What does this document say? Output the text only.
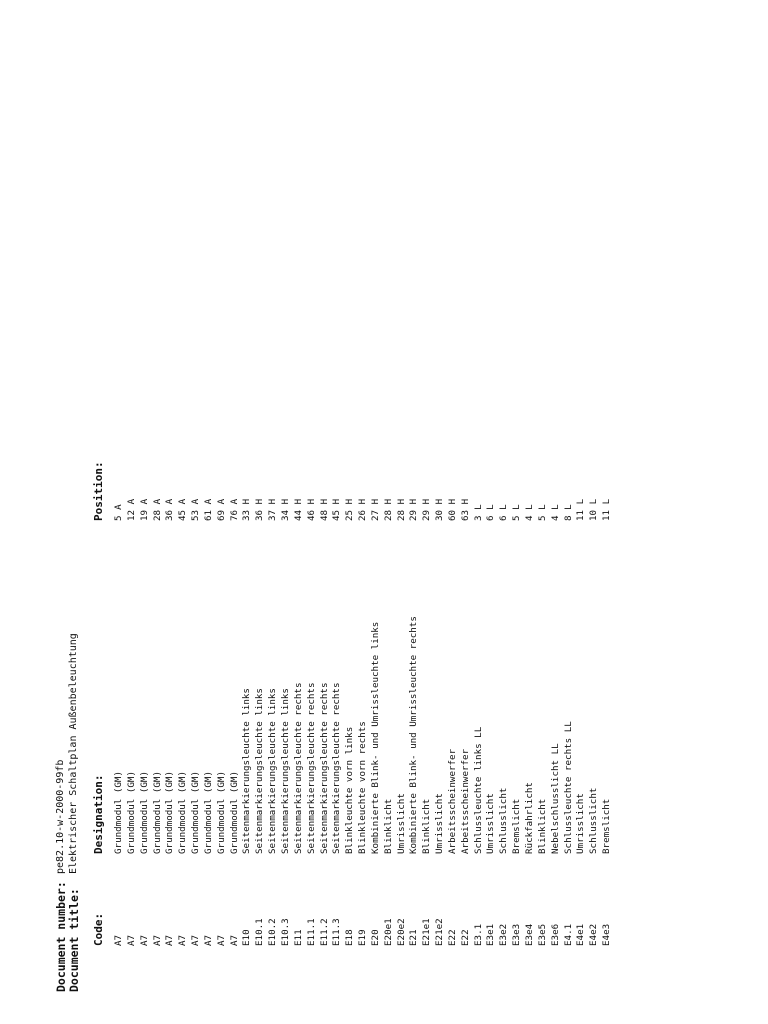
Document number:
pe82.10-w-2000-99fb
Document title:
Elektrischer Schaltplan Außenbeleuchtung
Code:
Designation:
Position:
A7
Grundmodul (GM)
5 A
A7
Grundmodul (GM)
12 A
A7
Grundmodul (GM)
19 A
A7
Grundmodul (GM)
28 A
A7
Grundmodul (GM)
36 A
A7
Grundmodul (GM)
45 A
A7
Grundmodul (GM)
53 A
A7
Grundmodul (GM)
61 A
A7
Grundmodul (GM)
69 A
A7
Grundmodul (GM)
76 A
E10
Seitenmarkierungsleuchte links
33 H
E10.1
Seitenmarkierungsleuchte links
36 H
E10.2
Seitenmarkierungsleuchte links
37 H
E10.3
Seitenmarkierungsleuchte links
34 H
E11
Seitenmarkierungsleuchte rechts
44 H
E11.1
Seitenmarkierungsleuchte rechts
46 H
E11.2
Seitenmarkierungsleuchte rechts
48 H
E11.3
Seitenmarkierungsleuchte rechts
45 H
E18
Blinkleuchte vorn links
25 H
E19
Blinkleuchte vorn rechts
26 H
E20
Kombinierte Blink- und Umrissleuchte links
27 H
E20e1
Blinklicht
28 H
E20e2
Umrisslicht
28 H
E21
Kombinierte Blink- und Umrissleuchte rechts
29 H
E21e1
Blinklicht
29 H
E21e2
Umrisslicht
30 H
E22
Arbeitsscheinwerfer
60 H
E22
Arbeitsscheinwerfer
63 H
E3.1
Schlussleuchte links LL
3 L
E3e1
Umrisslicht
6 L
E3e2
Schlusslicht
6 L
E3e3
Bremslicht
5 L
E3e4
Rückfahrlicht
4 L
E3e5
Blinklicht
5 L
E3e6
Nebelschlusslicht LL
4 L
E4.1
Schlussleuchte rechts LL
8 L
E4e1
Umrisslicht
11 L
E4e2
Schlusslicht
10 L
E4e3
Bremslicht
11 L
